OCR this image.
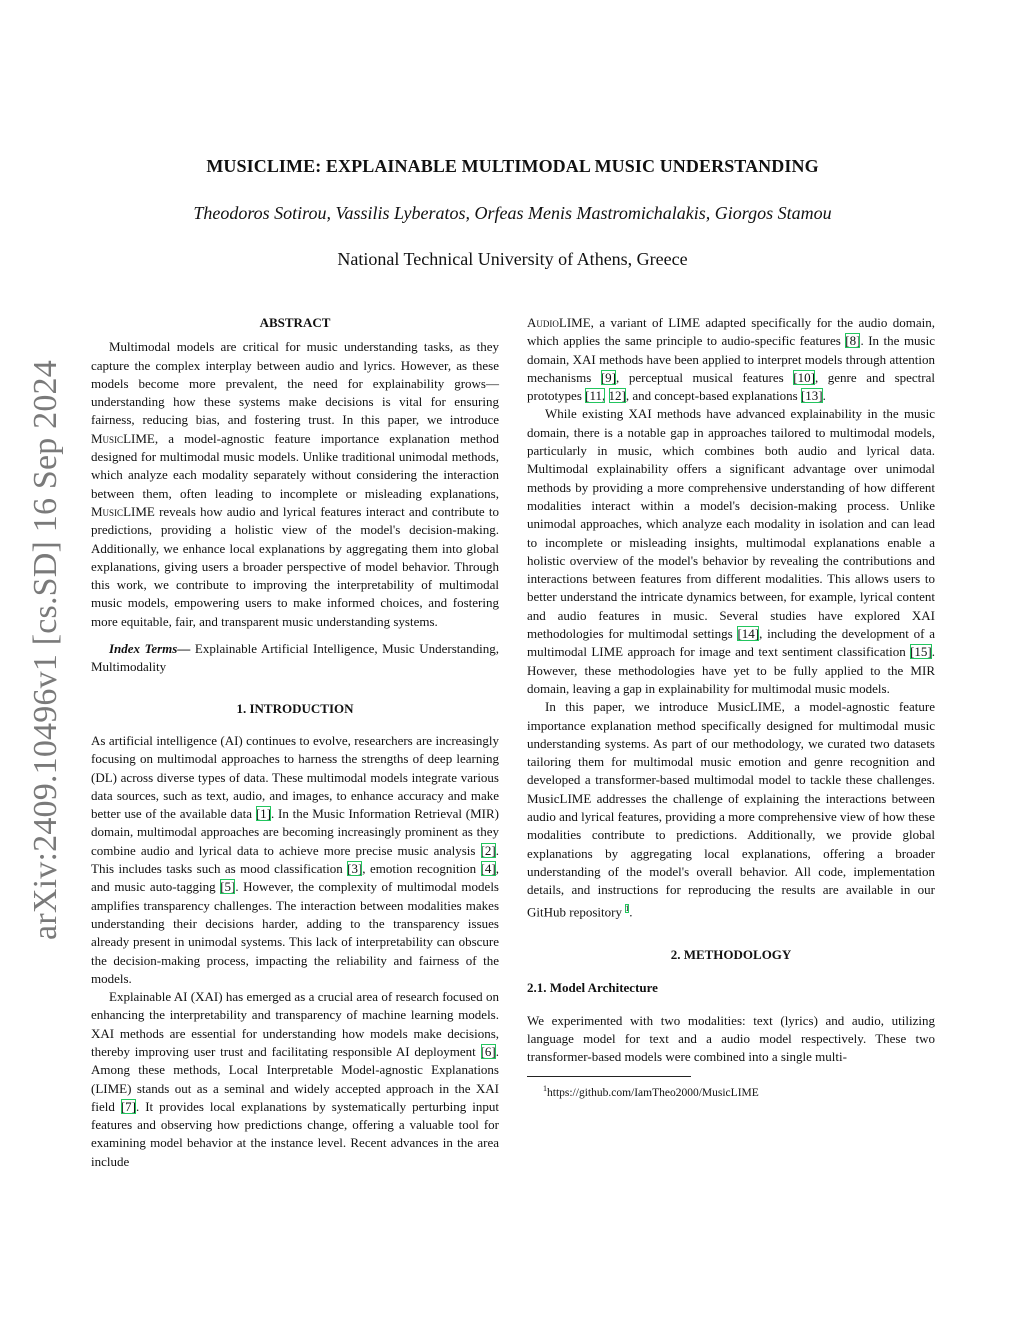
arXiv:2409.10496v1 [cs.SD] 16 Sep 2024
MUSICLIME: EXPLAINABLE MULTIMODAL MUSIC UNDERSTANDING
Theodoros Sotirou, Vassilis Lyberatos, Orfeas Menis Mastromichalakis, Giorgos Stamou
National Technical University of Athens, Greece
ABSTRACT

Multimodal models are critical for music understanding tasks, as they capture the complex interplay between audio and lyrics. However, as these models become more prevalent, the need for explainability grows—understanding how these systems make decisions is vital for ensuring fairness, reducing bias, and fostering trust. In this paper, we introduce MusicLIME, a model-agnostic feature importance explanation method designed for multimodal music models. Unlike traditional unimodal methods, which analyze each modality separately without considering the interaction between them, often leading to incomplete or misleading explanations, MusicLIME reveals how audio and lyrical features interact and contribute to predictions, providing a holistic view of the model's decision-making. Additionally, we enhance local explanations by aggregating them into global explanations, giving users a broader perspective of model behavior. Through this work, we contribute to improving the interpretability of multimodal music models, empowering users to make informed choices, and fostering more equitable, fair, and transparent music understanding systems.

Index Terms— Explainable Artificial Intelligence, Music Understanding, Multimodality

1. INTRODUCTION

As artificial intelligence (AI) continues to evolve, researchers are increasingly focusing on multimodal approaches to harness the strengths of deep learning (DL) across diverse types of data. These multimodal models integrate various data sources, such as text, audio, and images, to enhance accuracy and make better use of the available data [1]. In the Music Information Retrieval (MIR) domain, multimodal approaches are becoming increasingly prominent as they combine audio and lyrical data to achieve more precise music analysis [2]. This includes tasks such as mood classification [3], emotion recognition [4], and music auto-tagging [5]. However, the complexity of multimodal models amplifies transparency challenges. The interaction between modalities makes understanding their decisions harder, adding to the transparency issues already present in unimodal systems. This lack of interpretability can obscure the decision-making process, impacting the reliability and fairness of the models.

Explainable AI (XAI) has emerged as a crucial area of research focused on enhancing the interpretability and transparency of machine learning models. XAI methods are essential for understanding how models make decisions, thereby improving user trust and facilitating responsible AI deployment [6]. Among these methods, Local Interpretable Model-agnostic Explanations (LIME) stands out as a seminal and widely accepted approach in the XAI field [7]. It provides local explanations by systematically perturbing input features and observing how predictions change, offering a valuable tool for examining model behavior at the instance level. Recent advances in the area include

AudioLIME, a variant of LIME adapted specifically for the audio domain, which applies the same principle to audio-specific features [8]. In the music domain, XAI methods have been applied to interpret models through attention mechanisms [9], perceptual musical features [10], genre and spectral prototypes [11, 12], and concept-based explanations [13].

While existing XAI methods have advanced explainability in the music domain, there is a notable gap in approaches tailored to multimodal models, particularly in music, which combines both audio and lyrical data. Multimodal explainability offers a significant advantage over unimodal methods by providing a more comprehensive understanding of how different modalities interact within a model's decision-making process. Unlike unimodal approaches, which analyze each modality in isolation and can lead to incomplete or misleading insights, multimodal explanations enable a holistic overview of the model's behavior by revealing the contributions and interactions between features from different modalities. This allows users to better understand the intricate dynamics between, for example, lyrical content and audio features in music. Several studies have explored XAI methodologies for multimodal settings [14], including the development of a multimodal LIME approach for image and text sentiment classification [15]. However, these methodologies have yet to be fully applied to the MIR domain, leaving a gap in explainability for multimodal music models.

In this paper, we introduce MusicLIME, a model-agnostic feature importance explanation method specifically designed for multimodal music understanding systems. As part of our methodology, we curated two datasets tailoring them for multimodal music emotion and genre recognition and developed a transformer-based multimodal model to tackle these challenges. MusicLIME addresses the challenge of explaining the interactions between audio and lyrical features, providing a more comprehensive view of how these modalities contribute to predictions. Additionally, we provide global explanations by aggregating local explanations, offering a broader understanding of the model's overall behavior. All code, implementation details, and instructions for reproducing the results are available in our GitHub repository $^1$.

2. METHODOLOGY
2.1. Model Architecture

We experimented with two modalities: text (lyrics) and audio, utilizing language model for text and a audio model respectively. These two transformer-based models were combined into a single multi-

$^1$https://github.com/IamTheo2000/MusicLIME
